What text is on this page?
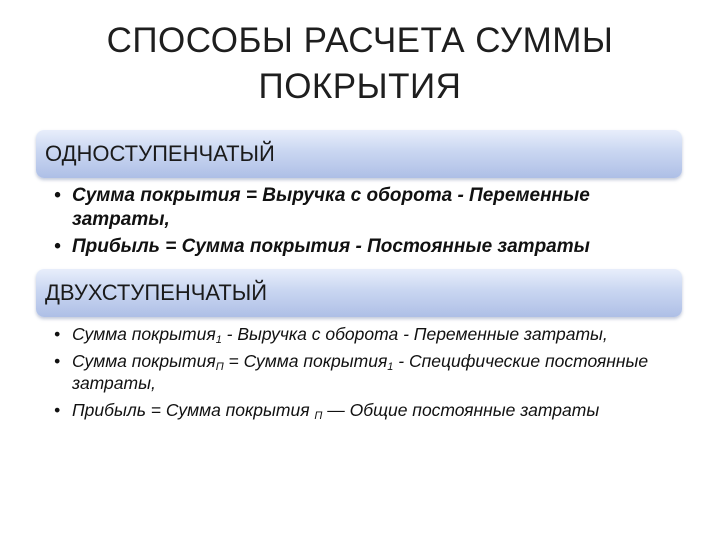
СПОСОБЫ РАСЧЕТА СУММЫ
ПОКРЫТИЯ
ОДНОСТУПЕНЧАТЫЙ
• Сумма покрытия = Выручка с оборота - Переменные затраты,
• Прибыль = Сумма покрытия - Постоянные затраты
ДВУХСТУПЕНЧАТЫЙ
• Сумма покрытия$_1$ - Выручка с оборота - Переменные затраты,
• Сумма покрытия$_П$ = Сумма покрытия$_1$ - Специфические постоянные затраты,
• Прибыль = Сумма покрытия $_П$ — Общие постоянные затраты
